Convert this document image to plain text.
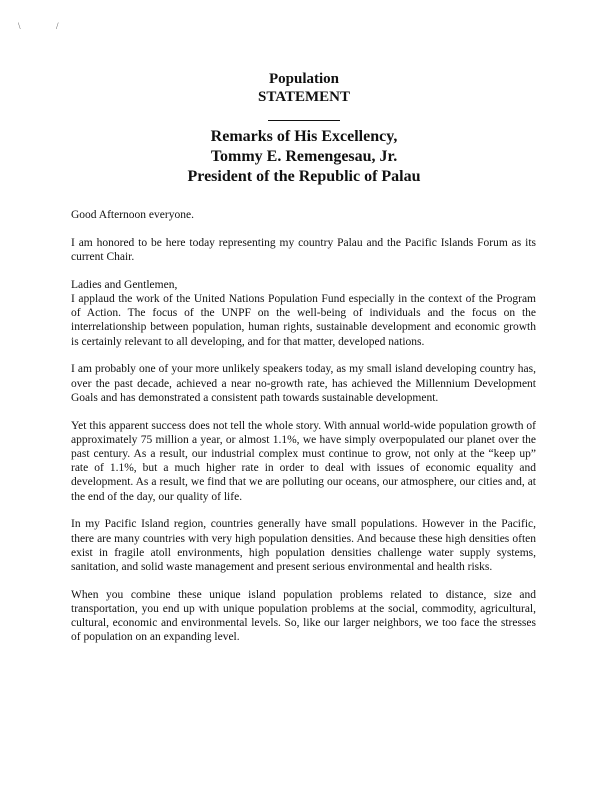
\	/
Population
STATEMENT
Remarks of His Excellency,
Tommy E. Remengesau, Jr.
President of the Republic of Palau

Good Afternoon everyone.

I am honored to be here today representing my country Palau and the Pacific Islands Forum as its current Chair.

Ladies and Gentlemen,
I applaud the work of the United Nations Population Fund especially in the context of the Program of Action. The focus of the UNPF on the well-being of individuals and the focus on the interrelationship between population, human rights, sustainable development and economic growth is certainly relevant to all developing, and for that matter, developed nations.

I am probably one of your more unlikely speakers today, as my small island developing country has, over the past decade, achieved a near no-growth rate, has achieved the Millennium Development Goals and has demonstrated a consistent path towards sustainable development.

Yet this apparent success does not tell the whole story. With annual world-wide population growth of approximately 75 million a year, or almost 1.1%, we have simply overpopulated our planet over the past century. As a result, our industrial complex must continue to grow, not only at the “keep up” rate of 1.1%, but a much higher rate in order to deal with issues of economic equality and development. As a result, we find that we are polluting our oceans, our atmosphere, our cities and, at the end of the day, our quality of life.

In my Pacific Island region, countries generally have small populations. However in the Pacific, there are many countries with very high population densities. And because these high densities often exist in fragile atoll environments, high population densities challenge water supply systems, sanitation, and solid waste management and present serious environmental and health risks.

When you combine these unique island population problems related to distance, size and transportation, you end up with unique population problems at the social, commodity, agricultural, cultural, economic and environmental levels. So, like our larger neighbors, we too face the stresses of population on an expanding level.
